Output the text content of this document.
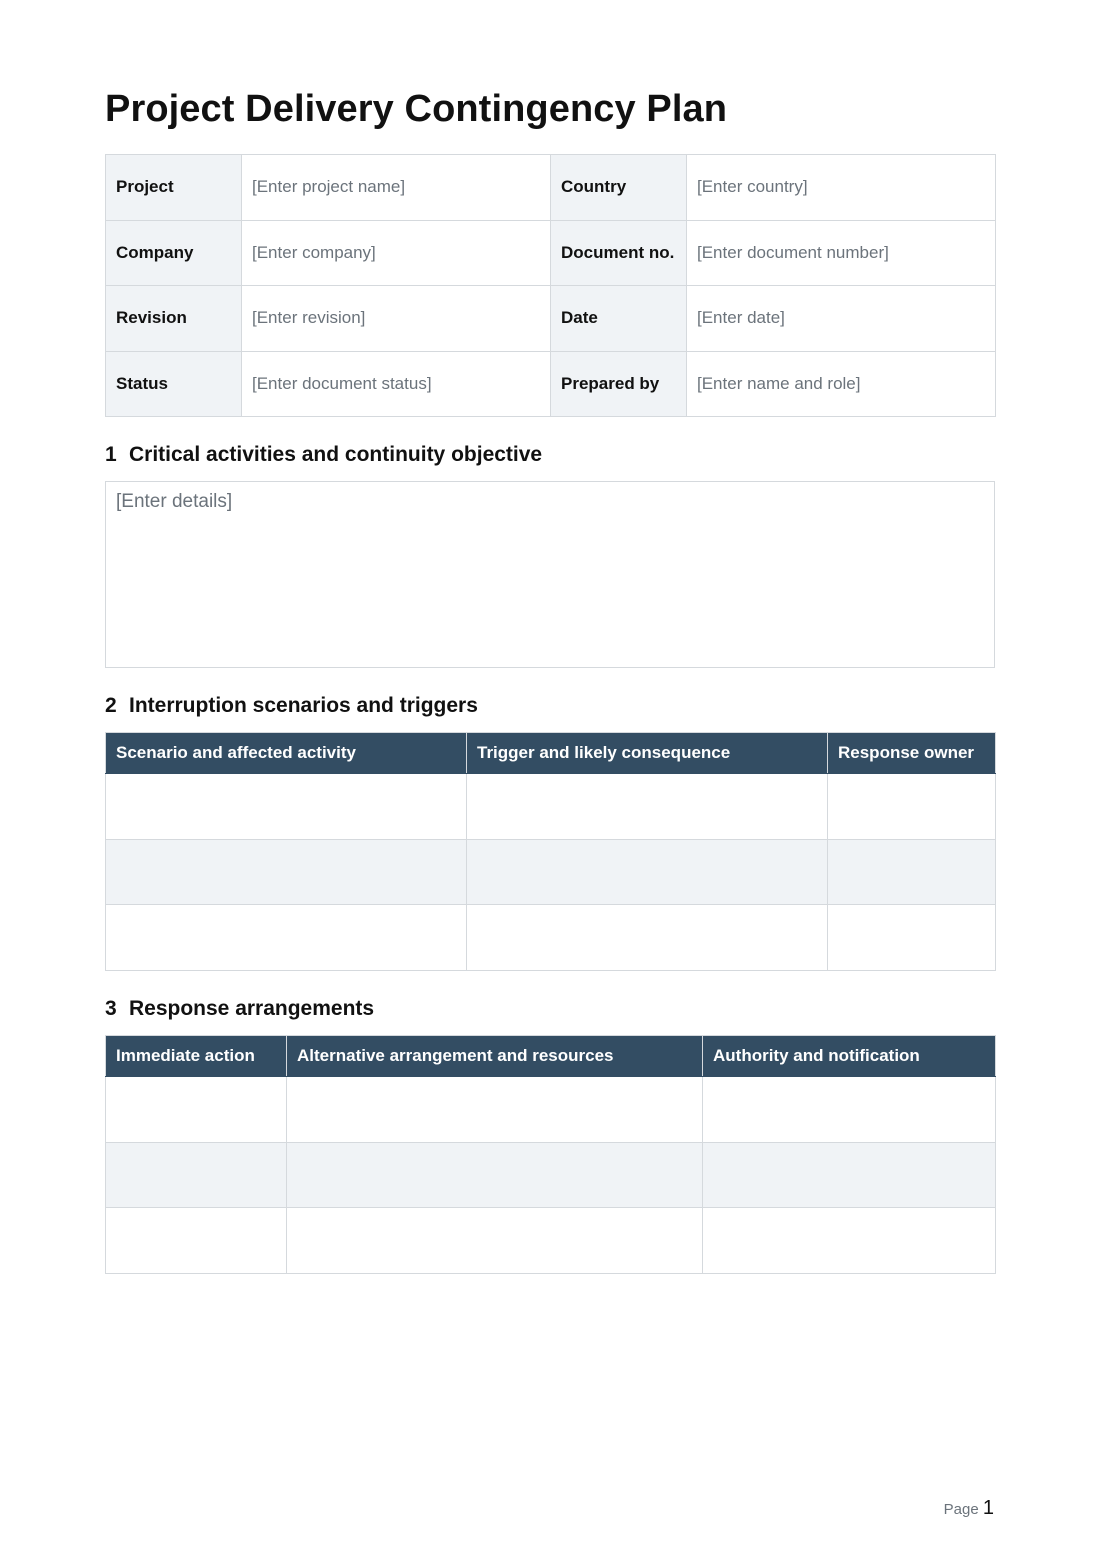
Project Delivery Contingency Plan
Project	[Enter project name]	Country	[Enter country]
Company	[Enter company]	Document no.	[Enter document number]
Revision	[Enter revision]	Date	[Enter date]
Status	[Enter document status]	Prepared by	[Enter name and role]
1 Critical activities and continuity objective
[Enter details]
2 Interruption scenarios and triggers
Scenario and affected activity	Trigger and likely consequence	Response owner

3 Response arrangements
Immediate action	Alternative arrangement and resources	Authority and notification

Page 1
